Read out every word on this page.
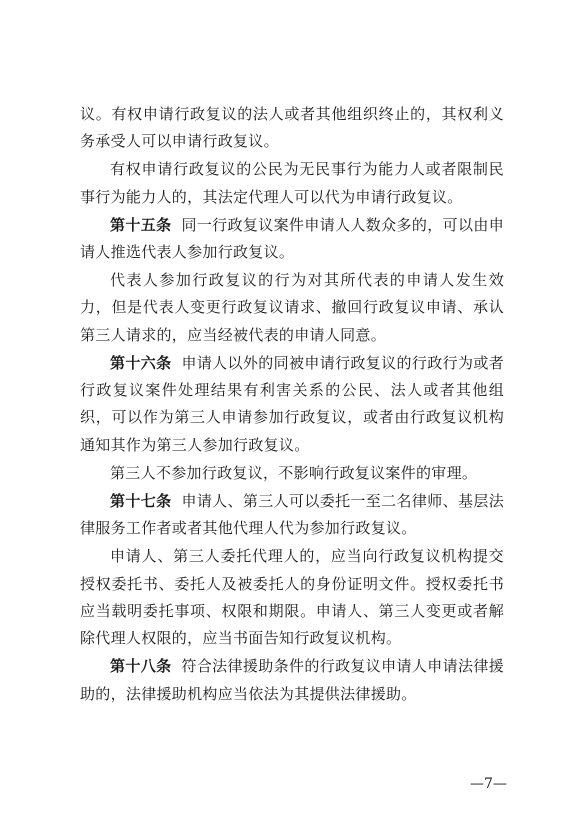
议。有权申请行政复议的法人或者其他组织终止的，其权利义务承受人可以申请行政复议。

有权申请行政复议的公民为无民事行为能力人或者限制民事行为能力人的，其法定代理人可以代为申请行政复议。

第十五条 同一行政复议案件申请人人数众多的，可以由申请人推选代表人参加行政复议。

代表人参加行政复议的行为对其所代表的申请人发生效力，但是代表人变更行政复议请求、撤回行政复议申请、承认第三人请求的，应当经被代表的申请人同意。

第十六条 申请人以外的同被申请行政复议的行政行为或者行政复议案件处理结果有利害关系的公民、法人或者其他组织，可以作为第三人申请参加行政复议，或者由行政复议机构通知其作为第三人参加行政复议。

第三人不参加行政复议，不影响行政复议案件的审理。

第十七条 申请人、第三人可以委托一至二名律师、基层法律服务工作者或者其他代理人代为参加行政复议。

申请人、第三人委托代理人的，应当向行政复议机构提交授权委托书、委托人及被委托人的身份证明文件。授权委托书应当载明委托事项、权限和期限。申请人、第三人变更或者解除代理人权限的，应当书面告知行政复议机构。

第十八条 符合法律援助条件的行政复议申请人申请法律援助的，法律援助机构应当依法为其提供法律援助。

—7—
